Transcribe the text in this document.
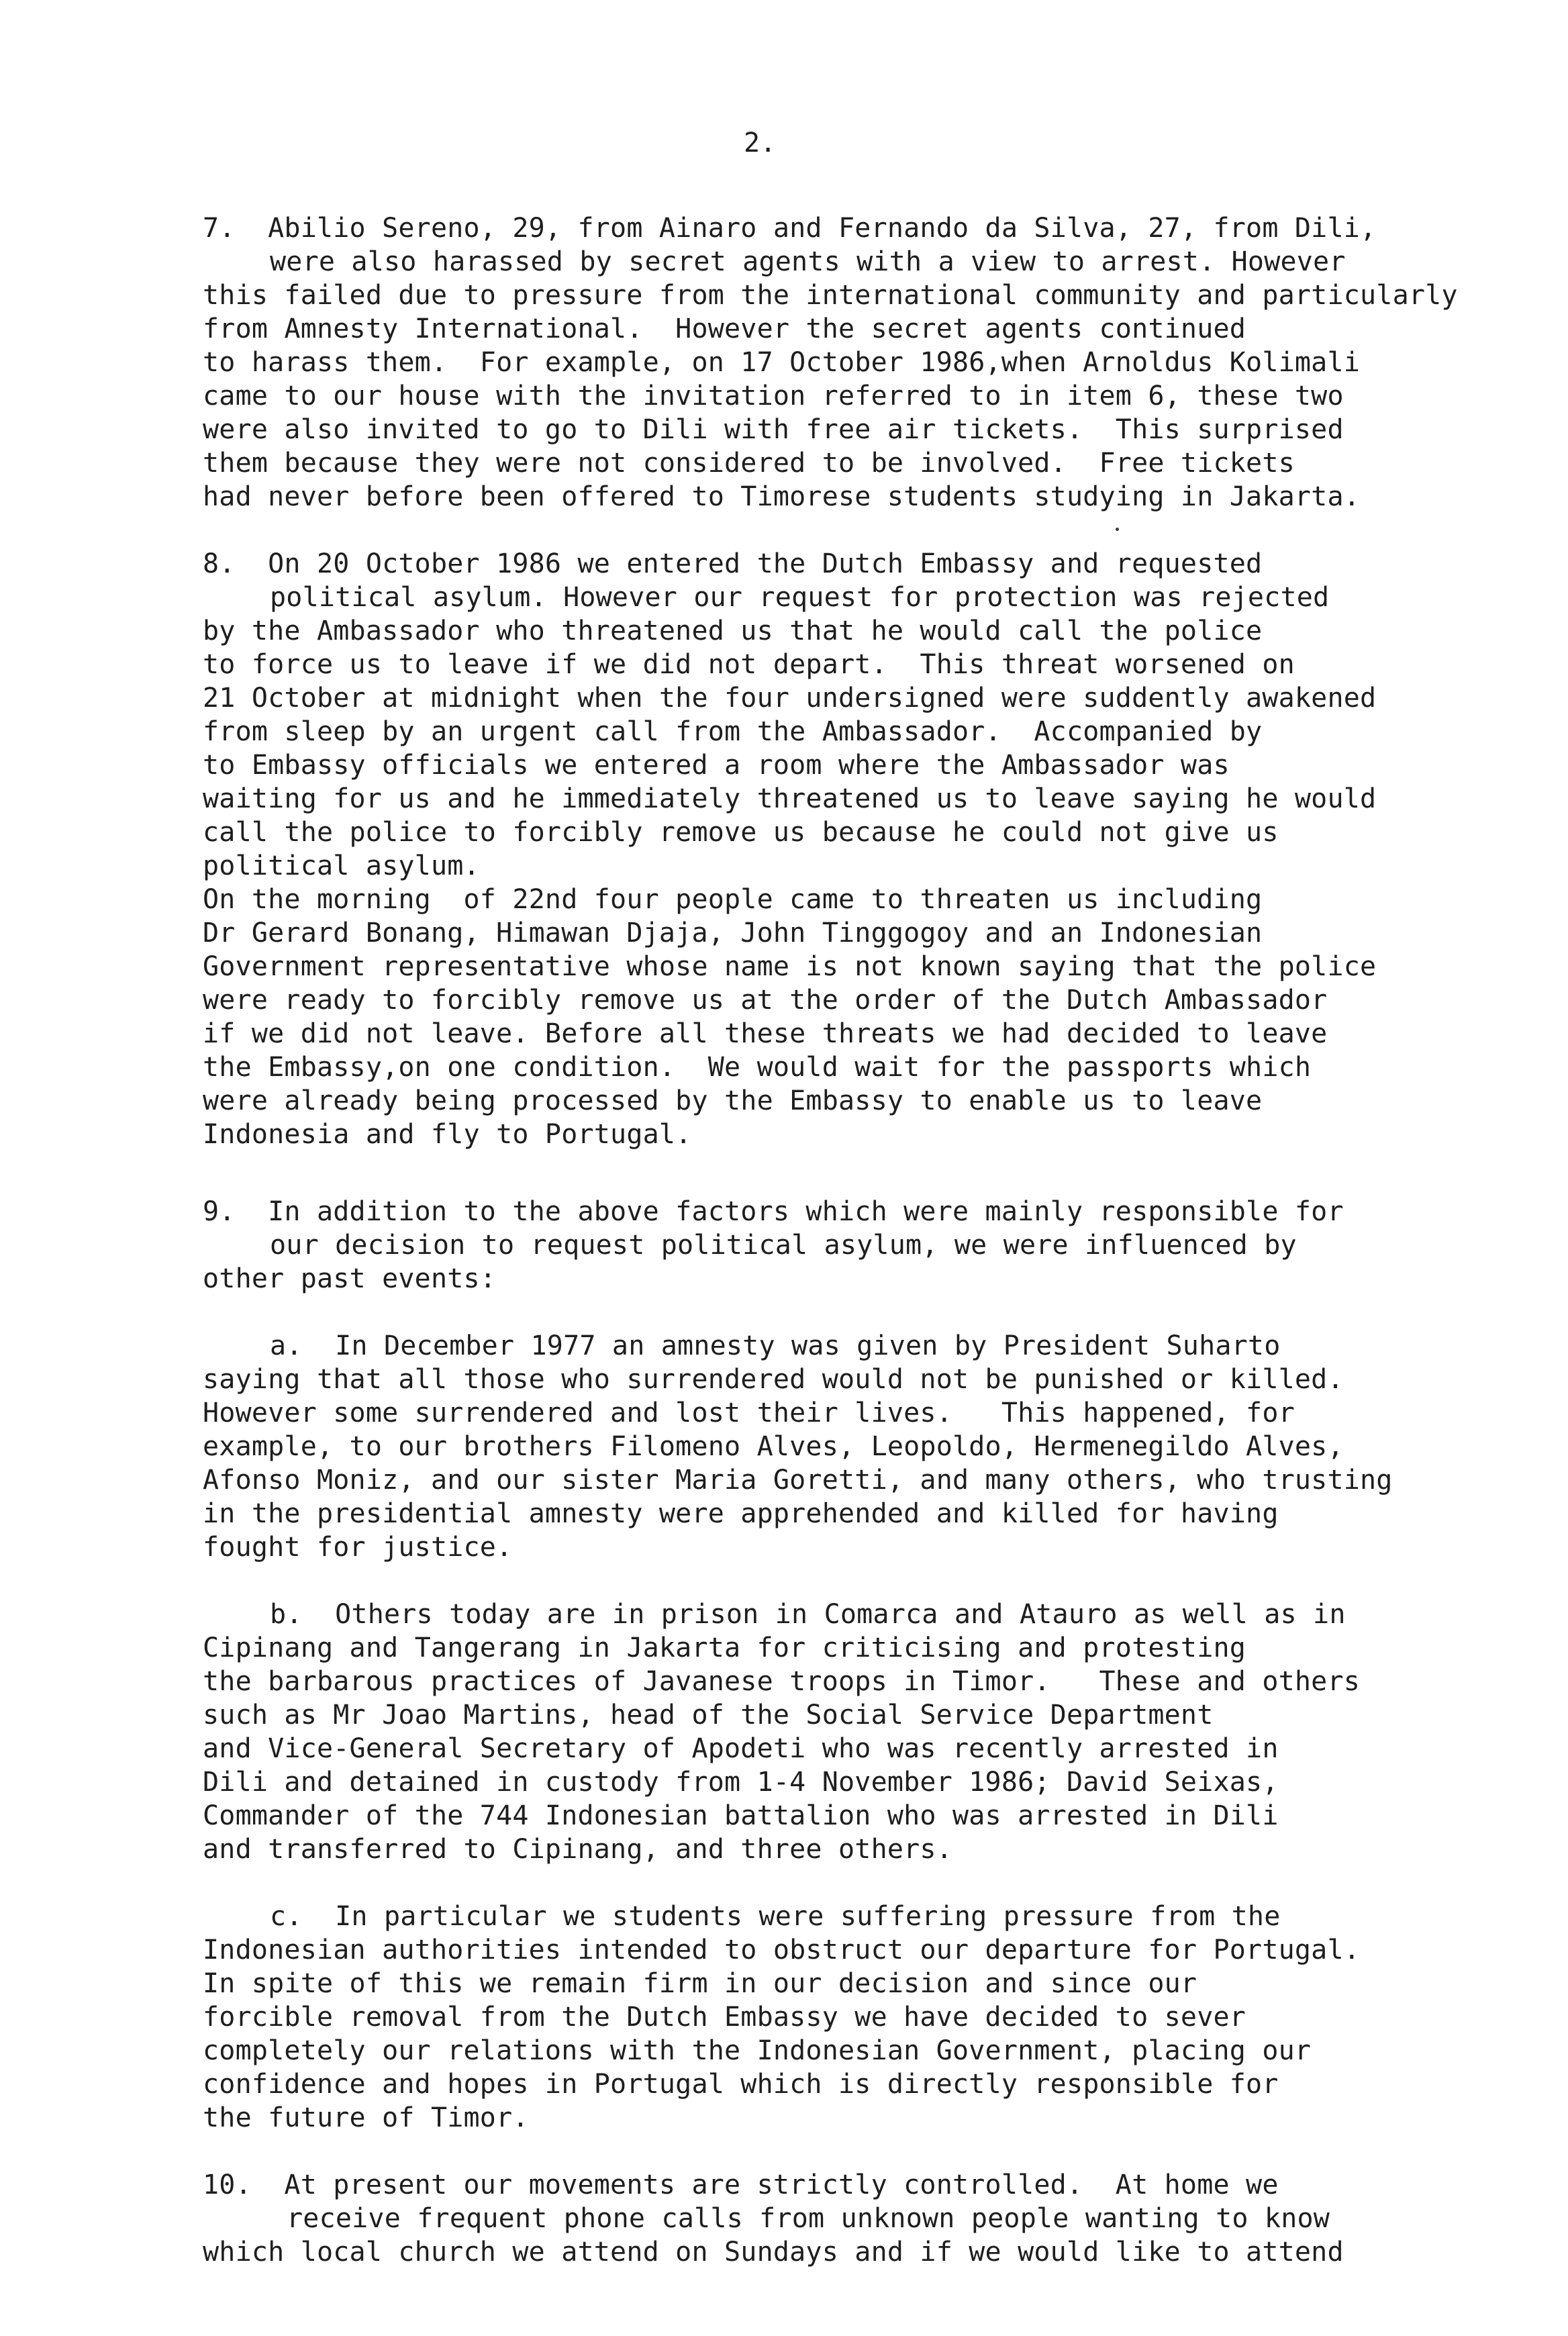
2.
7.  Abilio Sereno, 29, from Ainaro and Fernando da Silva, 27, from Dili,
were also harassed by secret agents with a view to arrest. However
this failed due to pressure from the international community and particularly
from Amnesty International.  However the secret agents continued
to harass them.  For example, on 17 October 1986,when Arnoldus Kolimali
came to our house with the invitation referred to in item 6, these two
were also invited to go to Dili with free air tickets.  This surprised
them because they were not considered to be involved.  Free tickets
had never before been offered to Timorese students studying in Jakarta.
8.  On 20 October 1986 we entered the Dutch Embassy and requested
political asylum. However our request for protection was rejected
by the Ambassador who threatened us that he would call the police
to force us to leave if we did not depart.  This threat worsened on
21 October at midnight when the four undersigned were suddently awakened
from sleep by an urgent call from the Ambassador.  Accompanied by
to Embassy officials we entered a room where the Ambassador was
waiting for us and he immediately threatened us to leave saying he would
call the police to forcibly remove us because he could not give us
political asylum.
On the morning  of 22nd four people came to threaten us including
Dr Gerard Bonang, Himawan Djaja, John Tinggogoy and an Indonesian
Government representative whose name is not known saying that the police
were ready to forcibly remove us at the order of the Dutch Ambassador
if we did not leave. Before all these threats we had decided to leave
the Embassy,on one condition.  We would wait for the passports which
were already being processed by the Embassy to enable us to leave
Indonesia and fly to Portugal.
9.  In addition to the above factors which were mainly responsible for
our decision to request political asylum, we were influenced by
other past events:
a.  In December 1977 an amnesty was given by President Suharto
saying that all those who surrendered would not be punished or killed.
However some surrendered and lost their lives.   This happened, for
example, to our brothers Filomeno Alves, Leopoldo, Hermenegildo Alves,
Afonso Moniz, and our sister Maria Goretti, and many others, who trusting
in the presidential amnesty were apprehended and killed for having
fought for justice.
b.  Others today are in prison in Comarca and Atauro as well as in
Cipinang and Tangerang in Jakarta for criticising and protesting
the barbarous practices of Javanese troops in Timor.   These and others
such as Mr Joao Martins, head of the Social Service Department
and Vice-General Secretary of Apodeti who was recently arrested in
Dili and detained in custody from 1-4 November 1986; David Seixas,
Commander of the 744 Indonesian battalion who was arrested in Dili
and transferred to Cipinang, and three others.
c.  In particular we students were suffering pressure from the
Indonesian authorities intended to obstruct our departure for Portugal.
In spite of this we remain firm in our decision and since our
forcible removal from the Dutch Embassy we have decided to sever
completely our relations with the Indonesian Government, placing our
confidence and hopes in Portugal which is directly responsible for
the future of Timor.
10.  At present our movements are strictly controlled.  At home we
receive frequent phone calls from unknown people wanting to know
which local church we attend on Sundays and if we would like to attend
